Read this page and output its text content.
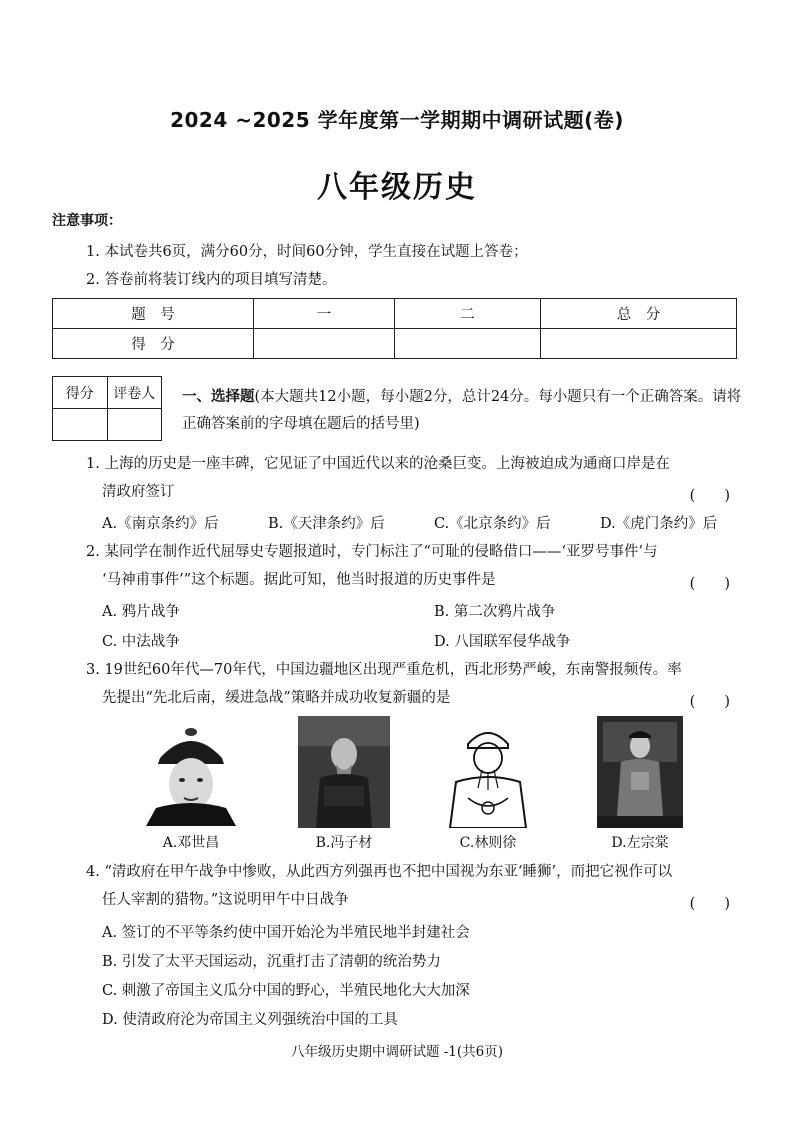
2024 ~2025 学年度第一学期期中调研试题(卷)
八年级历史
注意事项：
1. 本试卷共6页，满分60分，时间60分钟，学生直接在试题上答卷；
2. 答卷前将装订线内的项目填写清楚。
题　号	一	二	总　分
得　分			
得分	评卷人
	一、选择题(本大题共12小题，每小题2分，总计24分。每小题只有一个正确答案。请将正确答案前的字母填在题后的括号里)
1. 上海的历史是一座丰碑，它见证了中国近代以来的沧桑巨变。上海被迫成为通商口岸是在
清政府签订	(　　)
A.《南京条约》后	B.《天津条约》后	C.《北京条约》后	D.《虎门条约》后
2. 某同学在制作近代屈辱史专题报道时，专门标注了“可耻的侵略借口——‘亚罗号事件’与
‘马神甫事件’”这个标题。据此可知，他当时报道的历史事件是	(　　)
A. 鸦片战争	B. 第二次鸦片战争
C. 中法战争	D. 八国联军侵华战争
3. 19世纪60年代—70年代，中国边疆地区出现严重危机，西北形势严峻，东南警报频传。率
先提出“先北后南，缓进急战”策略并成功收复新疆的是	(　　)
A.邓世昌	B.冯子材	C.林则徐	D.左宗棠
4. “清政府在甲午战争中惨败，从此西方列强再也不把中国视为东亚‘睡狮’，而把它视作可以
任人宰割的猎物。”这说明甲午中日战争	(　　)
A. 签订的不平等条约使中国开始沦为半殖民地半封建社会
B. 引发了太平天国运动，沉重打击了清朝的统治势力
C. 刺激了帝国主义瓜分中国的野心，半殖民地化大大加深
D. 使清政府沦为帝国主义列强统治中国的工具
八年级历史期中调研试题 -1(共6页)
